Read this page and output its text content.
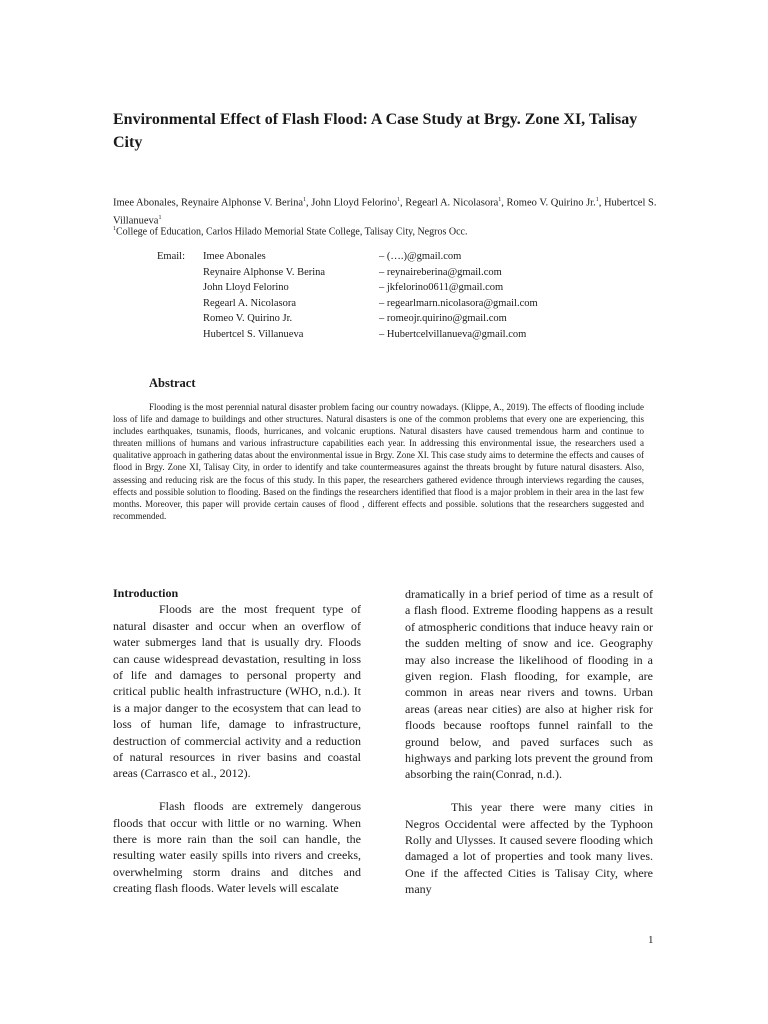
Environmental Effect of Flash Flood: A Case Study at Brgy. Zone XI, Talisay City

Imee Abonales, Reynaire Alphonse V. Berina$^1$, John Lloyd Felorino$^1$, Regearl A. Nicolasora$^1$, Romeo V. Quirino Jr.$^1$, Hubertcel S. Villanueva$^1$

$^1$College of Education, Carlos Hilado Memorial State College, Talisay City, Negros Occ.

Email: Imee Abonales	– (….)@gmail.com
Reynaire Alphonse V. Berina	– reynaireberina@gmail.com
John Lloyd Felorino	– jkfelorino0611@gmail.com
Regearl A. Nicolasora	– regearlmarn.nicolasora@gmail.com
Romeo V. Quirino Jr.	– romeojr.quirino@gmail.com
Hubertcel S. Villanueva	– Hubertcelvillanueva@gmail.com
Abstract

Flooding is the most perennial natural disaster problem facing our country nowadays. (Klippe, A., 2019). The effects of flooding include loss of life and damage to buildings and other structures. Natural disasters is one of the common problems that every one are experiencing, this includes earthquakes, tsunamis, floods, hurricanes, and volcanic eruptions. Natural disasters have caused tremendous harm and continue to threaten millions of humans and various infrastructure capabilities each year. In addressing this environmental issue, the researchers used a qualitative approach in gathering datas about the environmental issue in Brgy. Zone XI. This case study aims to determine the effects and causes of flood in Brgy. Zone XI, Talisay City, in order to identify and take countermeasures against the threats brought by future natural disasters. Also, assessing and reducing risk are the focus of this study. In this paper, the researchers gathered evidence through interviews regarding the causes, effects and possible solution to flooding. Based on the findings the researchers identified that flood is a major problem in their area in the last few months. Moreover, this paper will provide certain causes of flood , different effects and possible. solutions that the researchers suggested and recommended.

Introduction

Floods are the most frequent type of natural disaster and occur when an overflow of water submerges land that is usually dry. Floods can cause widespread devastation, resulting in loss of life and damages to personal property and critical public health infrastructure (WHO, n.d.). It is a major danger to the ecosystem that can lead to loss of human life, damage to infrastructure, destruction of commercial activity and a reduction of natural resources in river basins and coastal areas (Carrasco et al., 2012).

Flash floods are extremely dangerous floods that occur with little or no warning. When there is more rain than the soil can handle, the resulting water easily spills into rivers and creeks, overwhelming storm drains and ditches and creating flash floods. Water levels will escalate

dramatically in a brief period of time as a result of a flash flood. Extreme flooding happens as a result of atmospheric conditions that induce heavy rain or the sudden melting of snow and ice. Geography may also increase the likelihood of flooding in a given region. Flash flooding, for example, are common in areas near rivers and towns. Urban areas (areas near cities) are also at higher risk for floods because rooftops funnel rainfall to the ground below, and paved surfaces such as highways and parking lots prevent the ground from absorbing the rain(Conrad, n.d.).

This year there were many cities in Negros Occidental were affected by the Typhoon Rolly and Ulysses. It caused severe flooding which damaged a lot of properties and took many lives. One if the affected Cities is Talisay City, where many

1
